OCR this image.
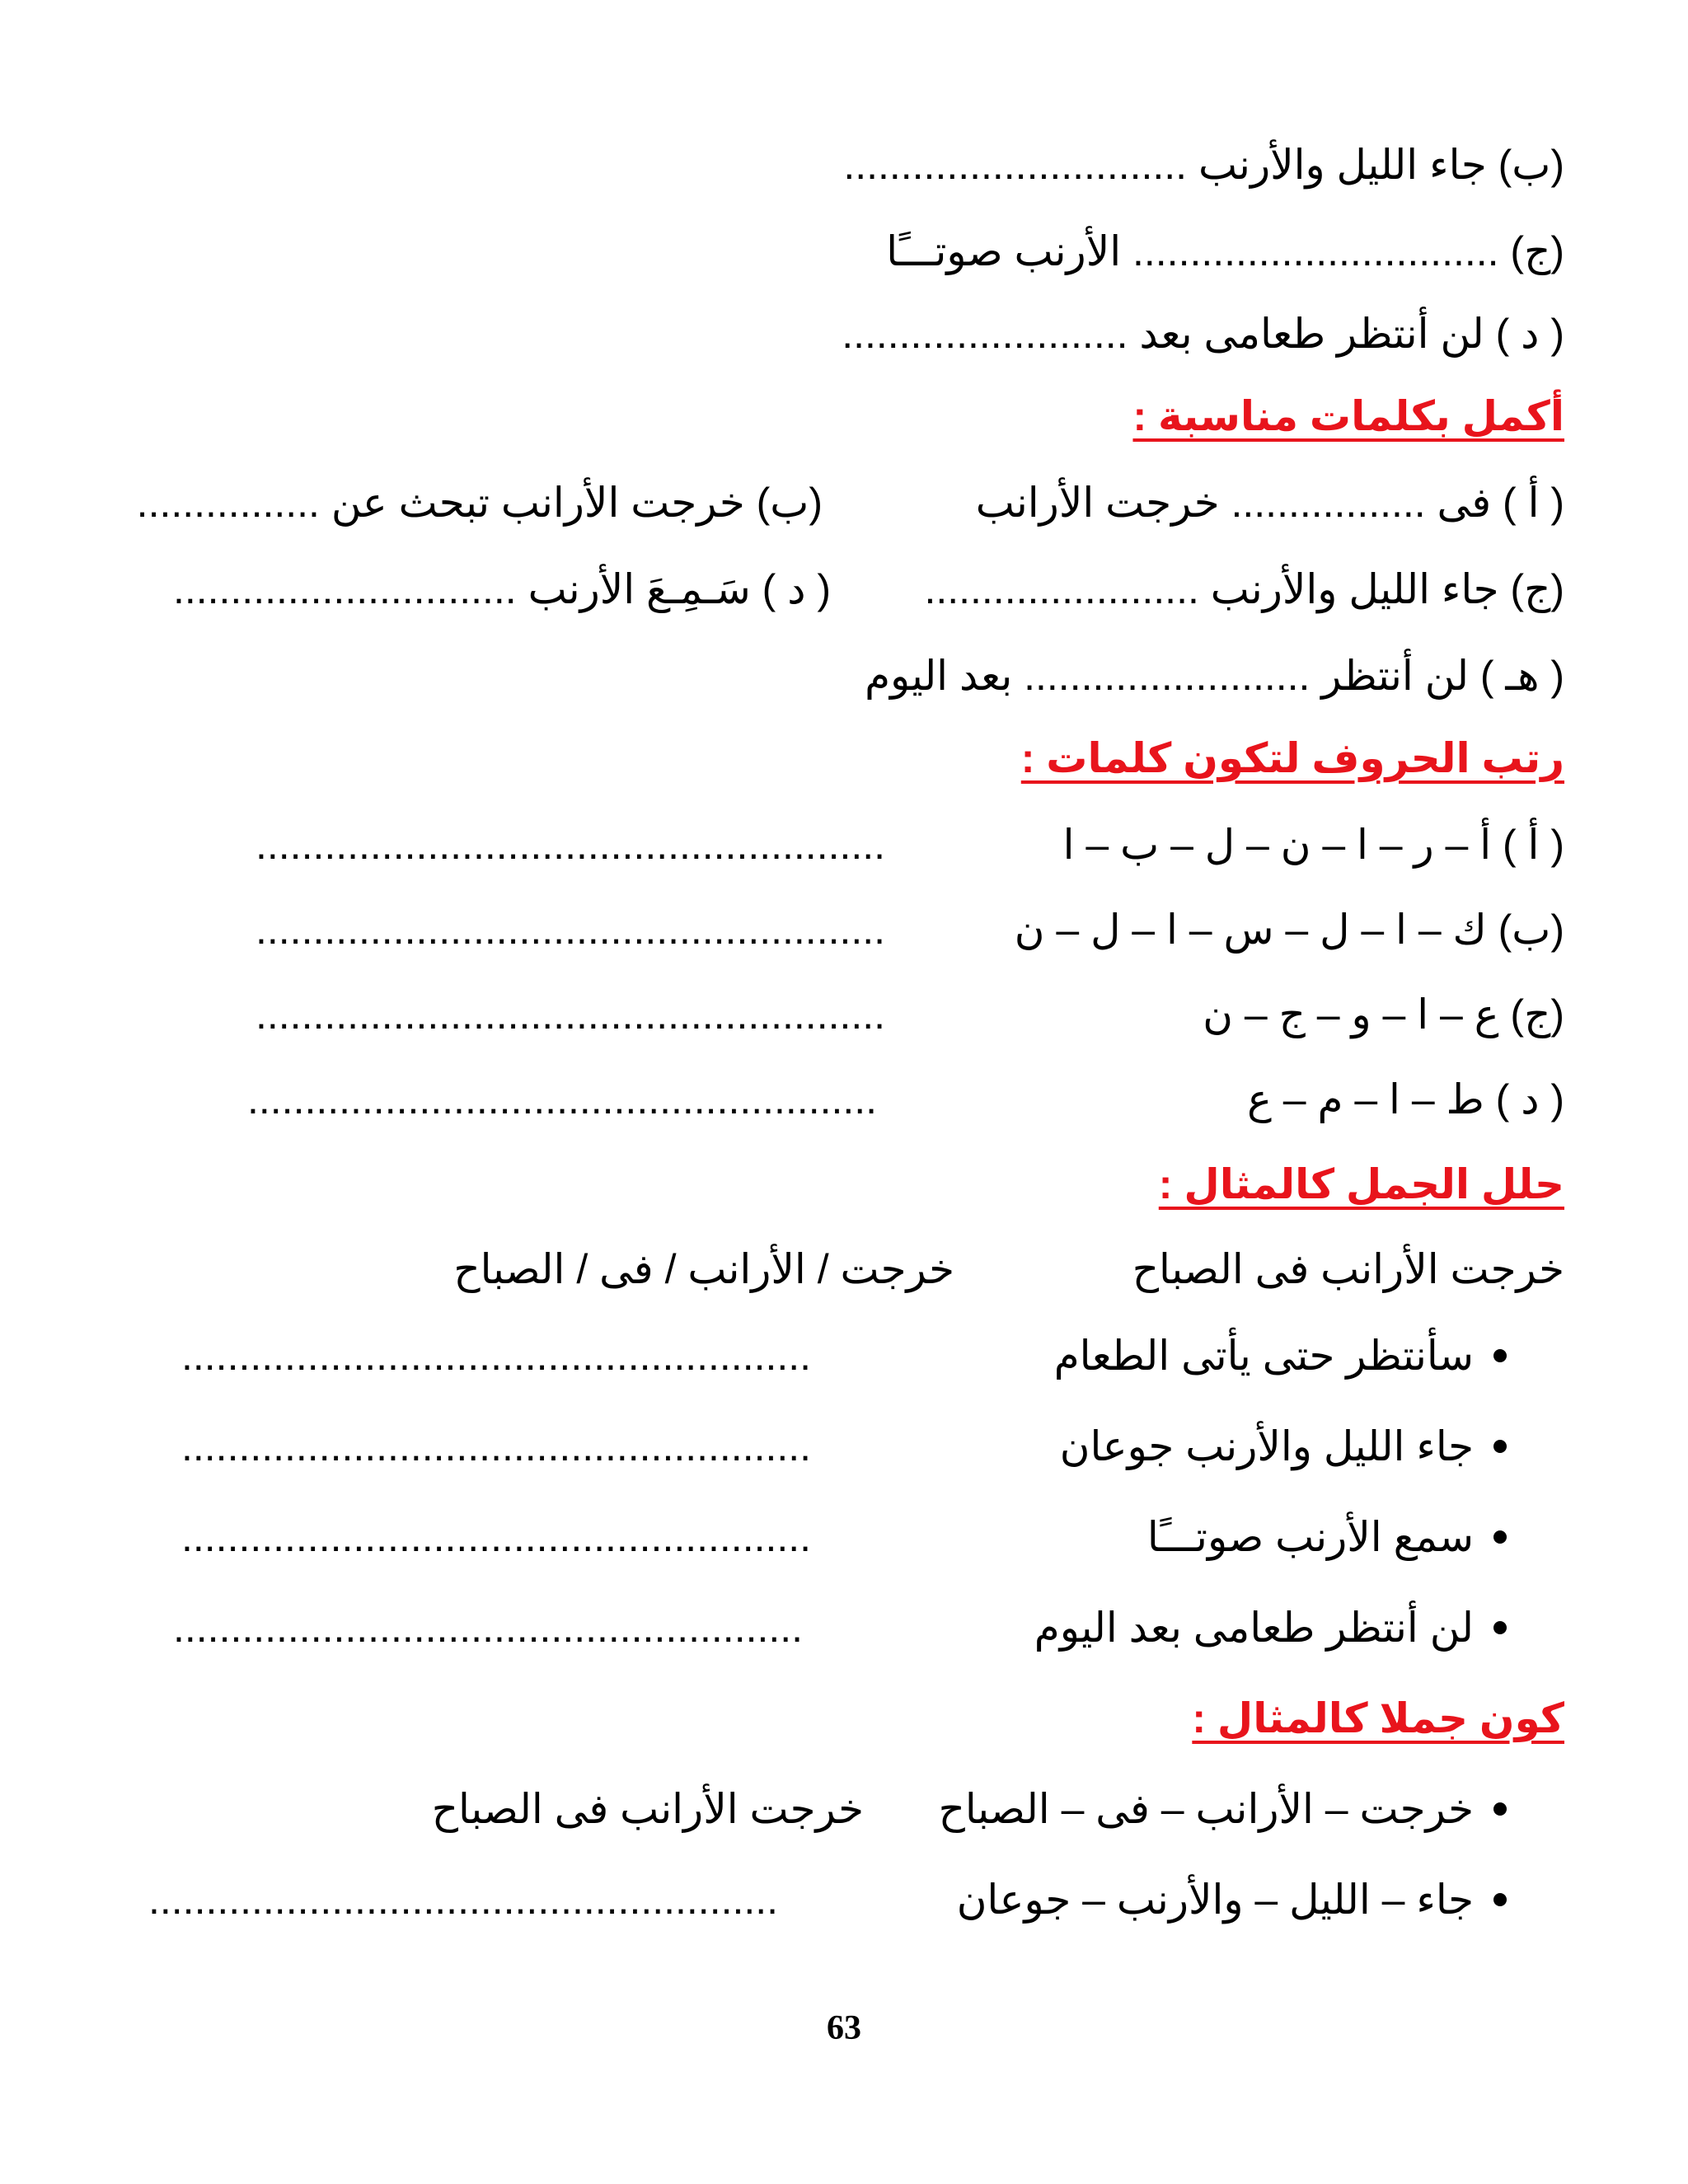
(ب) جاء الليل والأرنب ..............................
(ج) ................................ الأرنب صوتـــًا
( د ) لن أنتظر طعامى بعد .........................
أكمل بكلمات مناسبة :
( أ ) فى ................. خرجت الأرانب
(ب) خرجت الأرانب تبحث عن ................
(ج) جاء الليل والأرنب ........................
( د ) سَـمِـعَ الأرنب ..............................
( هـ ) لن أنتظر ......................... بعد اليوم
رتب الحروف لتكون كلمات :
( أ ) أ – ر – ا – ن – ل – ب – ا
.......................................................
(ب) ك – ا – ل – س – ا – ل – ن
.......................................................
(ج) ع – ا – و – ج – ن
.......................................................
( د ) ط – ا – م – ع
.......................................................
حلل الجمل كالمثال :
خرجت الأرانب فى الصباح
خرجت / الأرانب / فى / الصباح
سأنتظر حتى يأتى الطعام
.......................................................
جاء الليل والأرنب جوعان
.......................................................
سمع الأرنب صوتـــًا
.......................................................
لن أنتظر طعامى بعد اليوم
.......................................................
كون جملا كالمثال :
خرجت – الأرانب – فى – الصباح
خرجت الأرانب فى الصباح
جاء – الليل – والأرنب – جوعان
.......................................................
63
